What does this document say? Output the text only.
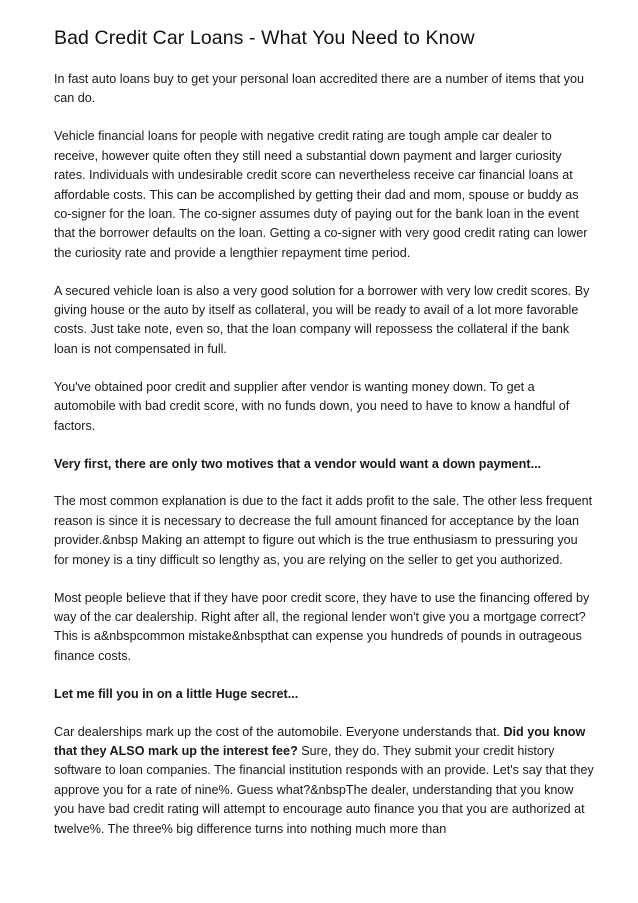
Bad Credit Car Loans - What You Need to Know

In fast auto loans buy to get your personal loan accredited there are a number of items that you can do.

Vehicle financial loans for people with negative credit rating are tough ample car dealer to receive, however quite often they still need a substantial down payment and larger curiosity rates. Individuals with undesirable credit score can nevertheless receive car financial loans at affordable costs. This can be accomplished by getting their dad and mom, spouse or buddy as co-signer for the loan. The co-signer assumes duty of paying out for the bank loan in the event that the borrower defaults on the loan. Getting a co-signer with very good credit rating can lower the curiosity rate and provide a lengthier repayment time period.

A secured vehicle loan is also a very good solution for a borrower with very low credit scores. By giving house or the auto by itself as collateral, you will be ready to avail of a lot more favorable costs. Just take note, even so, that the loan company will repossess the collateral if the bank loan is not compensated in full.

You've obtained poor credit and supplier after vendor is wanting money down. To get a automobile with bad credit score, with no funds down, you need to have to know a handful of factors.

Very first, there are only two motives that a vendor would want a down payment...

The most common explanation is due to the fact it adds profit to the sale. The other less frequent reason is since it is necessary to decrease the full amount financed for acceptance by the loan provider.&nbsp Making an attempt to figure out which is the true enthusiasm to pressuring you for money is a tiny difficult so lengthy as, you are relying on the seller to get you authorized.

Most people believe that if they have poor credit score, they have to use the financing offered by way of the car dealership. Right after all, the regional lender won't give you a mortgage correct? This is a&nbspcommon mistake&nbspthat can expense you hundreds of pounds in outrageous finance costs.

Let me fill you in on a little Huge secret...

Car dealerships mark up the cost of the automobile. Everyone understands that. Did you know that they ALSO mark up the interest fee? Sure, they do. They submit your credit history software to loan companies. The financial institution responds with an provide. Let's say that they approve you for a rate of nine%. Guess what?&nbspThe dealer, understanding that you know you have bad credit rating will attempt to encourage auto finance you that you are authorized at twelve%. The three% big difference turns into nothing much more than
